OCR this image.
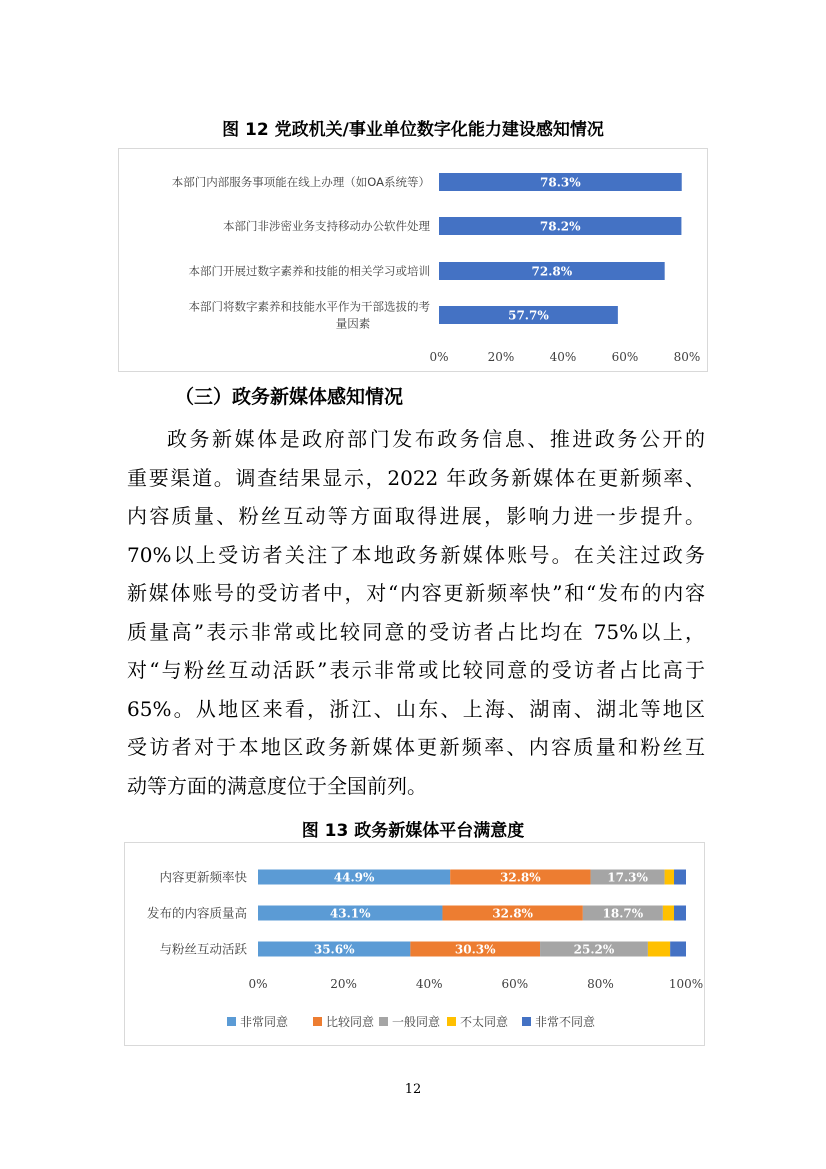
图 12 党政机关/事业单位数字化能力建设感知情况
78.3%
本部门内部服务事项能在线上办理（如OA系统等）
78.2%
本部门非涉密业务支持移动办公软件处理
72.8%
本部门开展过数字素养和技能的相关学习或培训
57.7%
本部门将数字素养和技能水平作为干部选拔的考
量因素
0%	20%	40%	60%	80%
（三）政务新媒体感知情况
政务新媒体是政府部门发布政务信息、推进政务公开的
重要渠道。调查结果显示，2022 年政务新媒体在更新频率、
内容质量、粉丝互动等方面取得进展，影响力进一步提升。
70%以上受访者关注了本地政务新媒体账号。在关注过政务
新媒体账号的受访者中，对“内容更新频率快”和“发布的内容
质量高”表示非常或比较同意的受访者占比均在 75%以上，
对“与粉丝互动活跃”表示非常或比较同意的受访者占比高于
65%。从地区来看，浙江、山东、上海、湖南、湖北等地区
受访者对于本地区政务新媒体更新频率、内容质量和粉丝互
动等方面的满意度位于全国前列。
图 13 政务新媒体平台满意度
内容更新频率快	44.9%	32.8%	17.3%
发布的内容质量高	43.1%	32.8%	18.7%
与粉丝互动活跃	35.6%	30.3%	25.2%
0%	20%	40%	60%	80%	100%
非常同意	比较同意 一般同意 不太同意 非常不同意
12
